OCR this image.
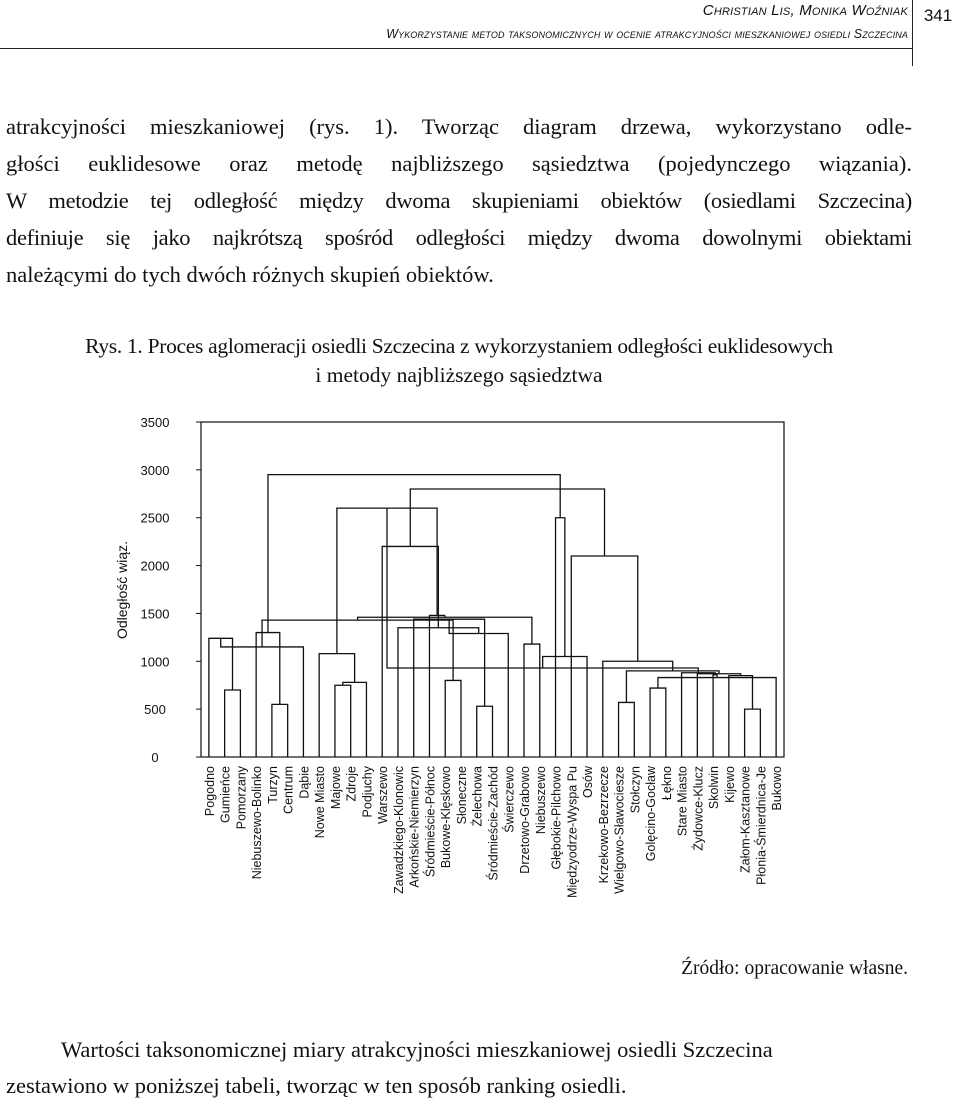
Christian Lis, Monika Woźniak
Wykorzystanie metod taksonomicznych w ocenie atrakcyjności mieszkaniowej osiedli Szczecina
341

atrakcyjności mieszkaniowej (rys. 1). Tworząc diagram drzewa, wykorzystano odle-

głości euklidesowe oraz metodę najbliższego sąsiedztwa (pojedynczego wiązania).

W metodzie tej odległość między dwoma skupieniami obiektów (osiedlami Szczecina)

definiuje się jako najkrótszą spośród odległości między dwoma dowolnymi obiektami

należącymi do tych dwóch różnych skupień obiektów.

Rys. 1. Proces aglomeracji osiedli Szczecina z wykorzystaniem odległości euklidesowych
i metody najbliższego sąsiedztwa
0
500
1000
1500
2000
2500
3000
3500
Pogodno Gumieńce Pomorzany Niebuszewo-Bolinko Turzyn Centrum Dąbie Nowe Miasto Majowe Zdroje Podjuchy Warszewo Zawadzkiego-Klonowic Arkońskie-Niemierzyn Śródmieście-Północ Bukowe-Klęskowo Słoneczne Żelechowa Śródmieście-Zachód Świerczewo Drzetowo-Grabowo Niebuszewo Głębokie-Pilchowo Międzyodrze-Wyspa Pu Osów Krzekowo-Bezrzecze Wielgowo-Sławociesze Stołczyn Golęcino-Gocław Łękno Stare Miasto Żydowce-Klucz Skolwin Kijewo Załom-Kasztanowe Płonia-Śmierdnica-Je Bukowo
Odległość wiąz.
Źródło: opracowanie własne.

Wartości taksonomicznej miary atrakcyjności mieszkaniowej osiedli Szczecina

zestawiono w poniższej tabeli, tworząc w ten sposób ranking osiedli.
